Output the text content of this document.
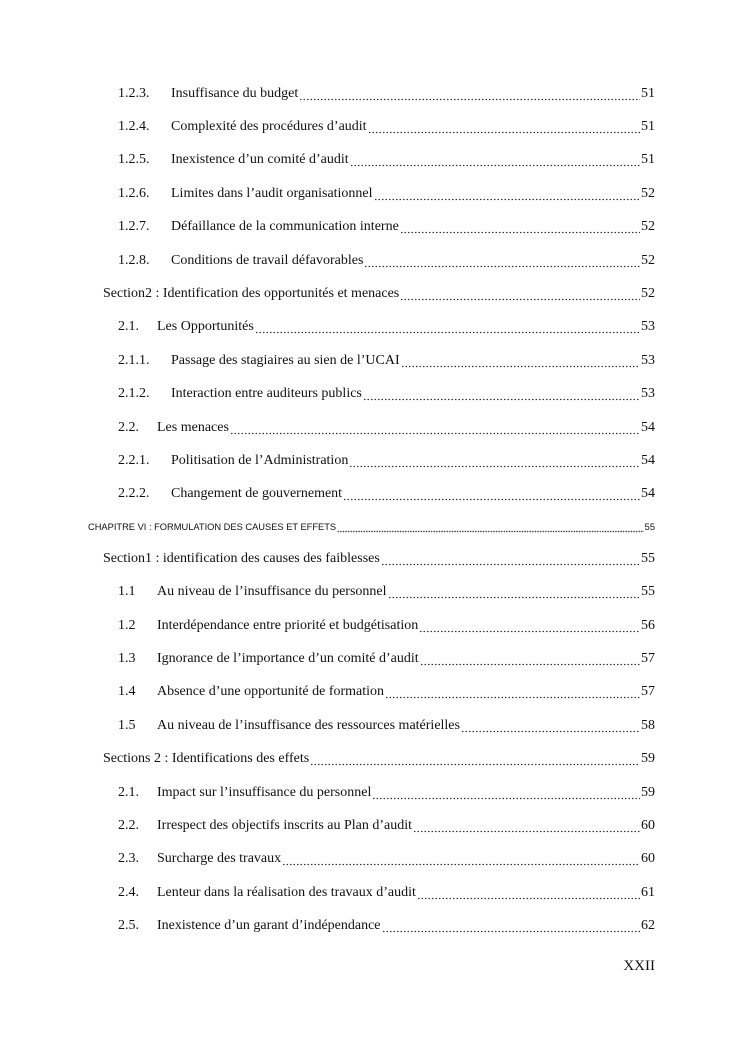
1.2.3.	Insuffisance du budget	51
1.2.4.	Complexité des procédures d’audit	51
1.2.5.	Inexistence d’un comité d’audit	51
1.2.6.	Limites dans l’audit organisationnel	52
1.2.7.	Défaillance de la communication interne	52
1.2.8.	Conditions de travail défavorables	52
Section2 : Identification des opportunités et menaces	52
2.1.	Les Opportunités	53
2.1.1.	Passage des stagiaires au sien de l’UCAI	53
2.1.2.	Interaction entre auditeurs publics	53
2.2.	Les menaces	54
2.2.1.	Politisation de l’Administration	54
2.2.2.	Changement de gouvernement	54
CHAPITRE VI : FORMULATION DES CAUSES ET EFFETS	55
Section1 : identification des causes des faiblesses	55
1.1	Au niveau de l’insuffisance du personnel	55
1.2	Interdépendance entre priorité et budgétisation	56
1.3	Ignorance de l’importance d’un comité d’audit	57
1.4	Absence d’une opportunité de formation	57
1.5	Au niveau de l’insuffisance des ressources matérielles	58
Sections 2 : Identifications des effets	59
2.1.	Impact sur l’insuffisance du personnel	59
2.2.	Irrespect des objectifs inscrits au Plan d’audit	60
2.3.	Surcharge des travaux	60
2.4.	Lenteur dans la réalisation des travaux d’audit	61
2.5.	Inexistence d’un garant d’indépendance	62
XXII
